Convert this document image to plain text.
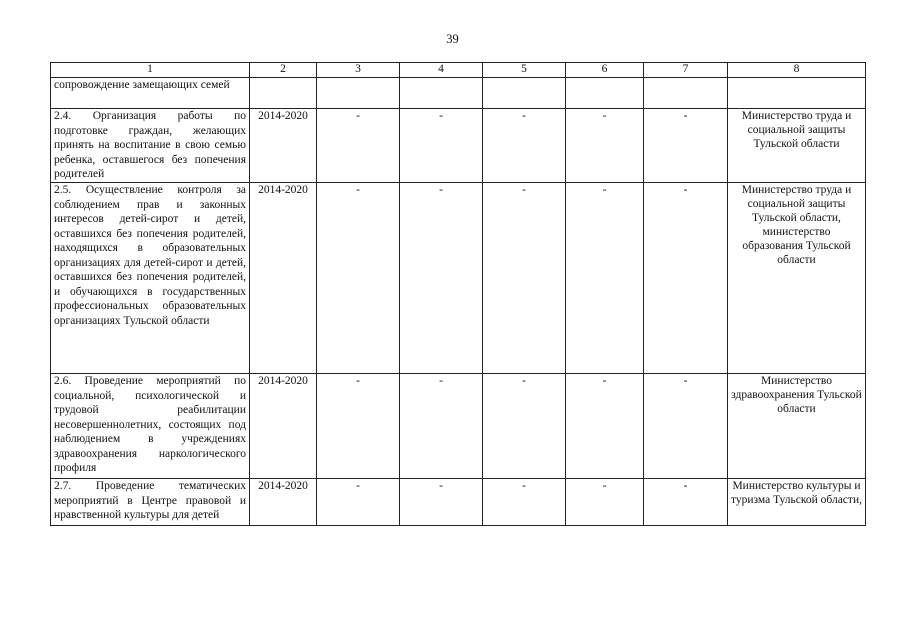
39
1	2	3	4	5	6	7	8
сопровождение замещающих семей							
2.4. Организация работы по подготовке граждан, желающих принять на воспитание в свою семью ребенка, оставшегося без попечения родителей	2014-2020	-	-	-	-	-	Министерство труда и социальной защиты Тульской области
2.5. Осуществление контроля за соблюдением прав и законных интересов детей-сирот и детей, оставшихся без попечения родителей, находящихся в образовательных организациях для детей-сирот и детей, оставшихся без попечения родителей, и обучающихся в государственных профессиональных образовательных организациях Тульской области	2014-2020	-	-	-	-	-	Министерство труда и социальной защиты Тульской области, министерство образования Тульской области
2.6. Проведение мероприятий по социальной, психологической и трудовой реабилитации несовершеннолетних, состоящих под наблюдением в учреждениях здравоохранения наркологического профиля	2014-2020	-	-	-	-	-	Министерство здравоохранения Тульской области
2.7. Проведение тематических мероприятий в Центре правовой и нравственной культуры для детей	2014-2020	-	-	-	-	-	Министерство культуры и туризма Тульской области,
